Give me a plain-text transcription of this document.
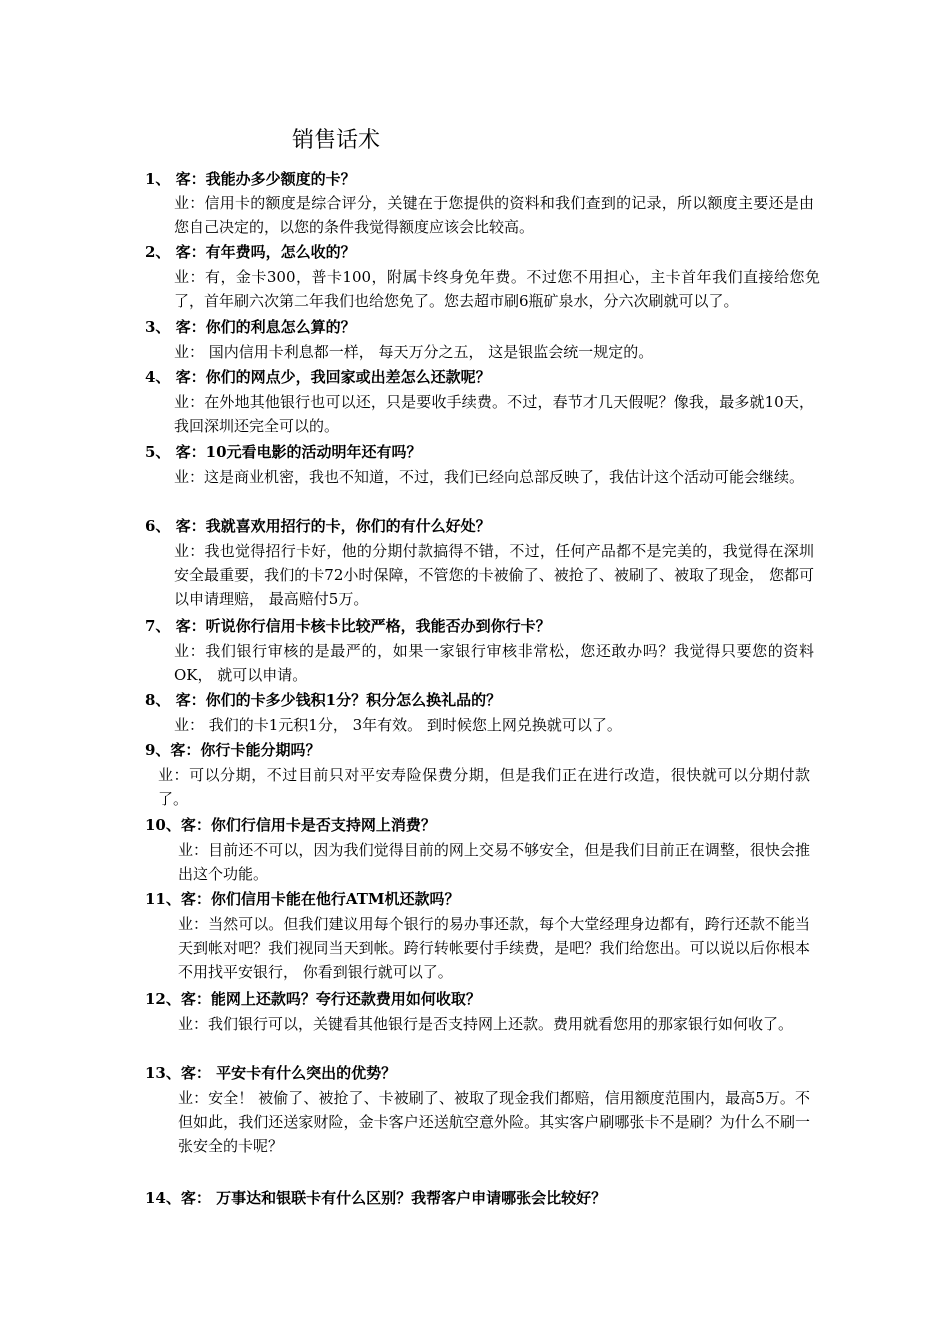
销售话术
1、 客：我能办多少额度的卡？
业：信用卡的额度是综合评分，关键在于您提供的资料和我们查到的记录，所以额度主要还是由您自己决定的，以您的条件我觉得额度应该会比较高。
2、 客：有年费吗，怎么收的？
业：有，金卡300，普卡100，附属卡终身免年费。不过您不用担心，主卡首年我们直接给您免了，首年刷六次第二年我们也给您免了。您去超市刷6瓶矿泉水，分六次刷就可以了。
3、 客：你们的利息怎么算的？
业： 国内信用卡利息都一样， 每天万分之五， 这是银监会统一规定的。
4、 客：你们的网点少，我回家或出差怎么还款呢？
业：在外地其他银行也可以还，只是要收手续费。不过，春节才几天假呢？像我，最多就10天，我回深圳还完全可以的。
5、 客：10元看电影的活动明年还有吗？
业：这是商业机密，我也不知道，不过，我们已经向总部反映了，我估计这个活动可能会继续。
6、 客：我就喜欢用招行的卡，你们的有什么好处？
业：我也觉得招行卡好，他的分期付款搞得不错，不过，任何产品都不是完美的，我觉得在深圳安全最重要，我们的卡72小时保障，不管您的卡被偷了、被抢了、被刷了、被取了现金， 您都可以申请理赔， 最高赔付5万。
7、 客：听说你行信用卡核卡比较严格，我能否办到你行卡？
业：我们银行审核的是最严的，如果一家银行审核非常松，您还敢办吗？我觉得只要您的资料OK， 就可以申请。
8、 客：你们的卡多少钱积1分？积分怎么换礼品的？
业： 我们的卡1元积1分， 3年有效。 到时候您上网兑换就可以了。
9、客：你行卡能分期吗？
业：可以分期，不过目前只对平安寿险保费分期，但是我们正在进行改造，很快就可以分期付款了。
10、客：你们行信用卡是否支持网上消费？
业：目前还不可以，因为我们觉得目前的网上交易不够安全，但是我们目前正在调整，很快会推出这个功能。
11、客：你们信用卡能在他行ATM机还款吗？
业：当然可以。但我们建议用每个银行的易办事还款，每个大堂经理身边都有，跨行还款不能当天到帐对吧？我们视同当天到帐。跨行转帐要付手续费，是吧？我们给您出。可以说以后你根本不用找平安银行， 你看到银行就可以了。
12、客：能网上还款吗？夸行还款费用如何收取？
业：我们银行可以，关键看其他银行是否支持网上还款。费用就看您用的那家银行如何收了。
13、客： 平安卡有什么突出的优势？
业：安全！ 被偷了、被抢了、卡被刷了、被取了现金我们都赔，信用额度范围内，最高5万。不但如此，我们还送家财险，金卡客户还送航空意外险。其实客户刷哪张卡不是刷？为什么不刷一张安全的卡呢？
14、客： 万事达和银联卡有什么区别？我帮客户申请哪张会比较好？
